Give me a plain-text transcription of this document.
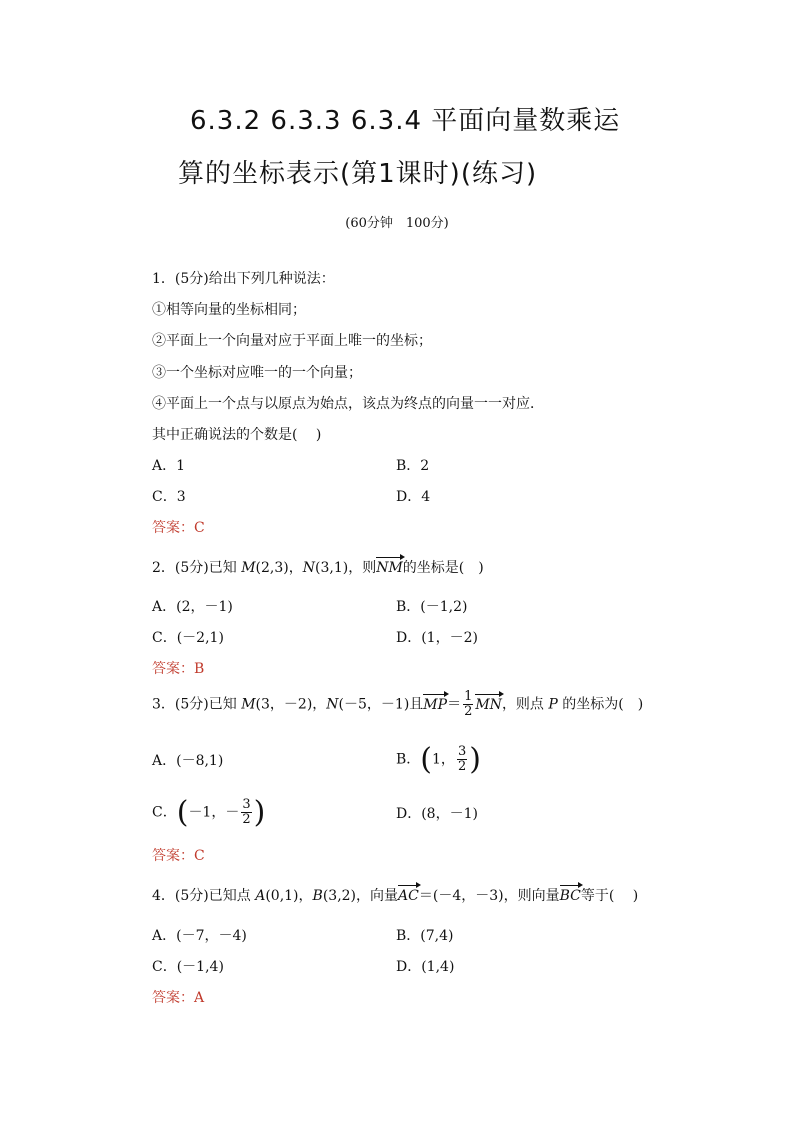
6.3.2 6.3.3 6.3.4 平面向量数乘运
算的坐标表示(第1课时)(练习)
(60分钟　100分)
1．(5分)给出下列几种说法：
①相等向量的坐标相同；
②平面上一个向量对应于平面上唯一的坐标；
③一个坐标对应唯一的一个向量；
④平面上一个点与以原点为始点，该点为终点的向量一一对应．
其中正确说法的个数是(　 )
A．1	B．2
C．3	D．4
答案：C
2．(5分)已知 M(2,3)，N(3,1)，则NM的坐标是(　)
A．(2，－1)	B．(－1,2)
C．(－2,1)	D．(1，－2)
答案：B
3．(5分)已知 M(3，－2)，N(－5，－1)且$MP= \frac{1}{2}$ MN，则点 P 的坐标为(　)
A．(－8,1)	B．(1， $\frac{3}{2}$ )
C．(－1，－ $\frac{3}{2}$ )	D．(8，－1)
答案：C
4．(5分)已知点 A(0,1)，B(3,2)，向量AC＝(－4，－3)，则向量BC等于(　 )
A．(－7，－4)	B．(7,4)
C．(－1,4)	D．(1,4)
答案：A
